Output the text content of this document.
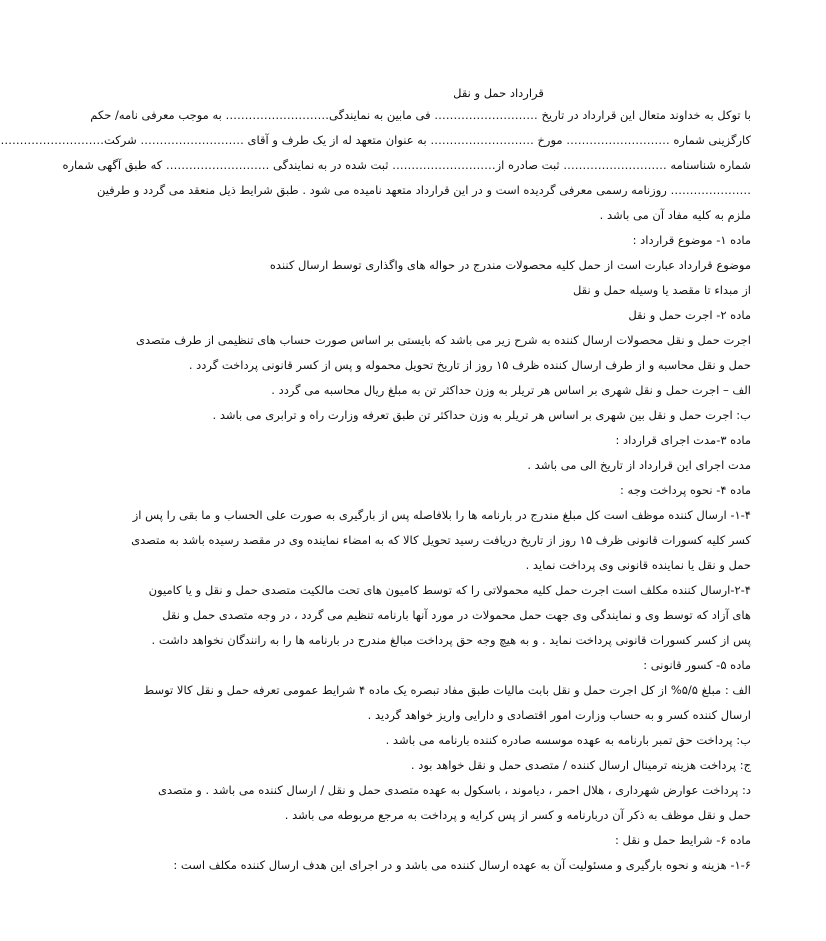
قرارداد حمل و نقل
با توکل به خداوند متعال این قرارداد در تاریخ ……………………… فی مابین به نمایندگی……………………… به موجب معرفی نامه/ حکم
کارگزینی شماره ……………………… مورخ ……………………… به عنوان متعهد له از یک طرف و آقای ……………………… شرکت………………………
شماره شناسنامه ……………………… ثبت صادره از……………………… ثبت شده در به نمایندگی ……………………… که طبق آگهی شماره
………………… روزنامه رسمی معرفی گردیده است و در این قرارداد متعهد نامیده می شود . طبق شرایط ذیل منعقد می گردد و طرفین
ملزم به کلیه مفاد آن می باشد .
ماده ۱- موضوع قرارداد :
موضوع قرارداد عبارت است از حمل کلیه محصولات مندرج در حواله های واگذاری توسط ارسال کننده
از مبداء تا مقصد یا وسیله حمل و نقل
ماده ۲- اجرت حمل و نقل
اجرت حمل و نقل محصولات ارسال کننده به شرح زیر می باشد که بایستی بر اساس صورت حساب های تنظیمی از طرف متصدی
حمل و نقل محاسبه و از طرف ارسال کننده ظرف ۱۵ روز از تاریخ تحویل محموله و پس از کسر قانونی پرداخت گردد .
الف – اجرت حمل و نقل شهری بر اساس هر تریلر به وزن حداکثر تن به مبلغ ریال محاسبه می گردد .
ب: اجرت حمل و نقل بین شهری بر اساس هر تریلر به وزن حداکثر تن طبق تعرفه وزارت راه و ترابری می باشد .
ماده ۳-مدت اجرای قرارداد :
مدت اجرای این قرارداد از تاریخ الی می باشد .
ماده ۴- نحوه پرداخت وجه :
۱-۴- ارسال کننده موظف است کل مبلغ مندرج در بارنامه ها را بلافاصله پس از بارگیری به صورت علی الحساب و ما بقی را پس از
کسر کلیه کسورات قانونی ظرف ۱۵ روز از تاریخ دریافت رسید تحویل کالا که به امضاء نماینده وی در مقصد رسیده باشد به متصدی
حمل و نقل یا نماینده قانونی وی پرداخت نماید .
۲-۴-ارسال کننده مکلف است اجرت حمل کلیه محمولاتی را که توسط کامیون های تحت مالکیت متصدی حمل و نقل و یا کامیون
های آزاد که توسط وی و نمایندگی وی جهت حمل محمولات در مورد آنها بارنامه تنظیم می گردد ، در وجه متصدی حمل و نقل
پس از کسر کسورات قانونی پرداخت نماید . و به هیچ وجه حق پرداخت مبالغ مندرج در بارنامه ها را به رانندگان نخواهد داشت .
ماده ۵- کسور قانونی :
الف : مبلغ ۵/۵% از کل اجرت حمل و نقل بابت مالیات طبق مفاد تبصره یک ماده ۴ شرایط عمومی تعرفه حمل و نقل کالا توسط
ارسال کننده کسر و به حساب وزارت امور اقتصادی و دارایی واریز خواهد گردید .
ب: پرداخت حق تمبر بارنامه به عهده موسسه صادره کننده بارنامه می باشد .
ج: پرداخت هزینه ترمینال ارسال کننده / متصدی حمل و نقل خواهد بود .
د: پرداخت عوارض شهرداری ، هلال احمر ، دیاموند ، باسکول به عهده متصدی حمل و نقل / ارسال کننده می باشد . و متصدی
حمل و نقل موظف به ذکر آن دربارنامه و کسر از پس کرایه و پرداخت به مرجع مربوطه می باشد .
ماده ۶- شرایط حمل و نقل :
۱-۶- هزینه و نحوه بارگیری و مسئولیت آن به عهده ارسال کننده می باشد و در اجرای این هدف ارسال کننده مکلف است :
